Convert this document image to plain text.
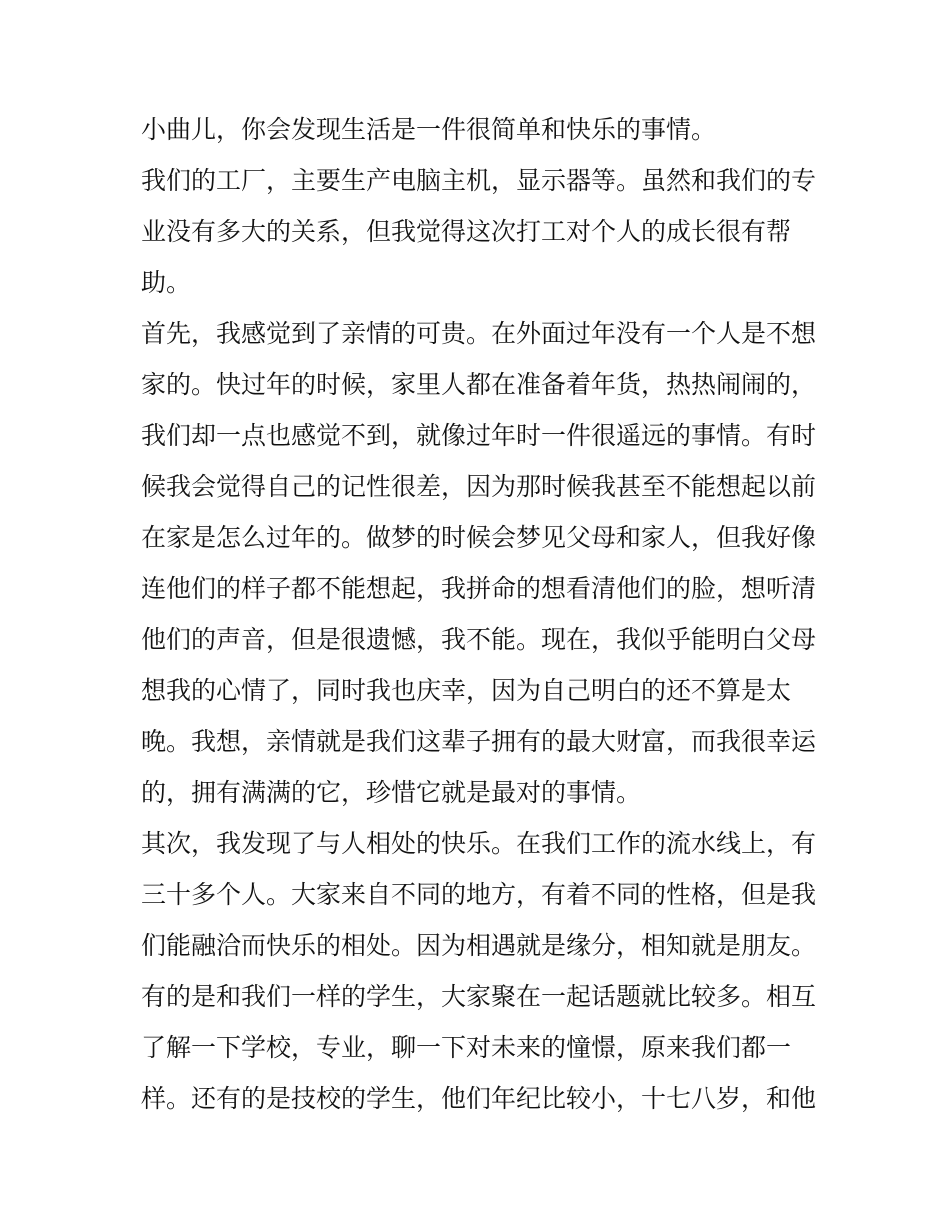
小曲儿，你会发现生活是一件很简单和快乐的事情。
我们的工厂，主要生产电脑主机，显示器等。虽然和我们的专
业没有多大的关系，但我觉得这次打工对个人的成长很有帮
助。
首先，我感觉到了亲情的可贵。在外面过年没有一个人是不想
家的。快过年的时候，家里人都在准备着年货，热热闹闹的，
我们却一点也感觉不到，就像过年时一件很遥远的事情。有时
候我会觉得自己的记性很差，因为那时候我甚至不能想起以前
在家是怎么过年的。做梦的时候会梦见父母和家人，但我好像
连他们的样子都不能想起，我拼命的想看清他们的脸，想听清
他们的声音，但是很遗憾，我不能。现在，我似乎能明白父母
想我的心情了，同时我也庆幸，因为自己明白的还不算是太
晚。我想，亲情就是我们这辈子拥有的最大财富，而我很幸运
的，拥有满满的它，珍惜它就是最对的事情。
其次，我发现了与人相处的快乐。在我们工作的流水线上，有
三十多个人。大家来自不同的地方，有着不同的性格，但是我
们能融洽而快乐的相处。因为相遇就是缘分，相知就是朋友。
有的是和我们一样的学生，大家聚在一起话题就比较多。相互
了解一下学校，专业，聊一下对未来的憧憬，原来我们都一
样。还有的是技校的学生，他们年纪比较小，十七八岁，和他
